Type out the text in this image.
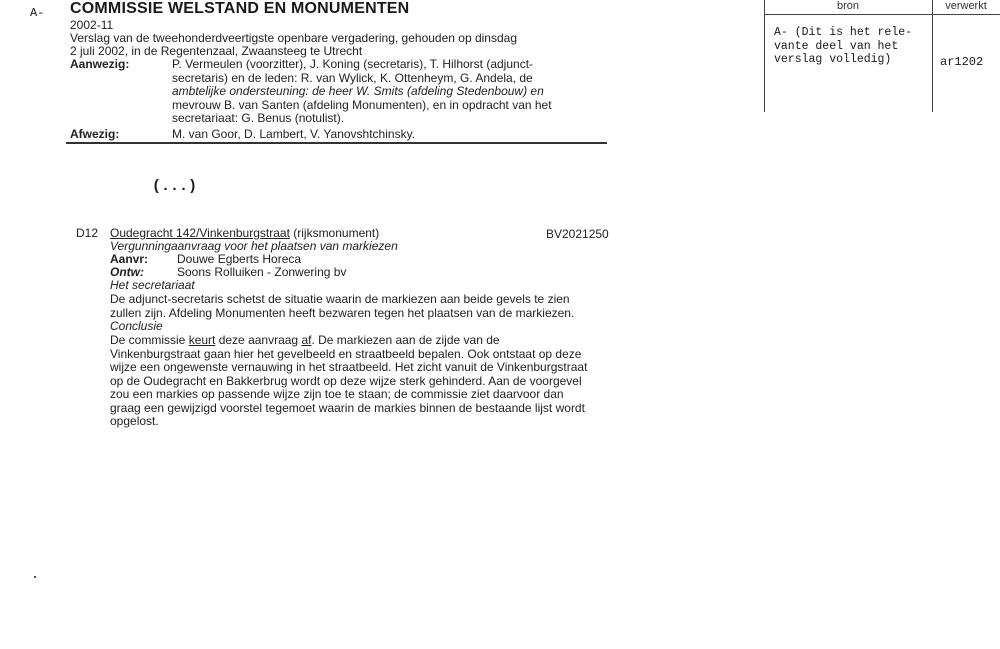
A- COMMISSIE WELSTAND EN MONUMENTEN
2002-11
Verslag van de tweehonderdveertigste openbare vergadering, gehouden op dinsdag
2 juli 2002, in de Regentenzaal, Zwaansteeg te Utrecht
Aanwezig:	P. Vermeulen (voorzitter), J. Koning (secretaris), T. Hilhorst (adjunct-
secretaris) en de leden: R. van Wylick, K. Ottenheym, G. Andela, de
ambtelijke ondersteuning: de heer W. Smits (afdeling Stedenbouw) en
mevrouw B. van Santen (afdeling Monumenten), en in opdracht van het
secretariaat: G. Benus (notulist).
Afwezig:	M. van Goor, D. Lambert, V. Yanovshtchinsky.
bron	verwerkt
A- (Dit is het rele-
vante deel van het
verslag volledig)	ar1202
(...)
D12 Oudegracht 142/Vinkenburgstraat (rijksmonument)	BV2021250
Vergunningaanvraag voor het plaatsen van markiezen
Aanvr: Douwe Egberts Horeca
Ontw:	Soons Rolluiken - Zonwering bv
Het secretariaat
De adjunct-secretaris schetst de situatie waarin de markiezen aan beide gevels te zien
zullen zijn. Afdeling Monumenten heeft bezwaren tegen het plaatsen van de markiezen.
Conclusie
De commissie keurt deze aanvraag af. De markiezen aan de zijde van de
Vinkenburgstraat gaan hier het gevelbeeld en straatbeeld bepalen. Ook ontstaat op deze
wijze een ongewenste vernauwing in het straatbeeld. Het zicht vanuit de Vinkenburgstraat
op de Oudegracht en Bakkerbrug wordt op deze wijze sterk gehinderd. Aan de voorgevel
zou een markies op passende wijze zijn toe te staan; de commissie ziet daarvoor dan
graag een gewijzigd voorstel tegemoet waarin de markies binnen de bestaande lijst wordt
opgelost.
